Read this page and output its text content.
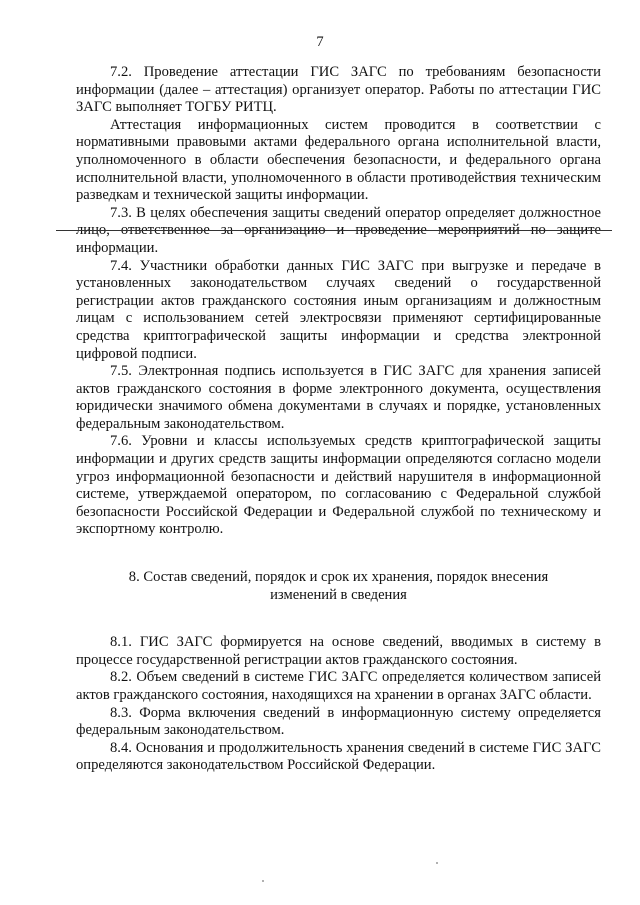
7

7.2. Проведение аттестации ГИС ЗАГС по требованиям безопасности информации (далее – аттестация) организует оператор. Работы по аттестации ГИС ЗАГС выполняет ТОГБУ РИТЦ.

Аттестация информационных систем проводится в соответствии с нормативными правовыми актами федерального органа исполнительной власти, уполномоченного в области обеспечения безопасности, и федерального органа исполнительной власти, уполномоченного в области противодействия техническим разведкам и технической защиты информации.

7.3. В целях обеспечения защиты сведений оператор определяет должностное лицо, ответственное за организацию и проведение мероприятий по защите информации.

7.4. Участники обработки данных ГИС ЗАГС при выгрузке и передаче в установленных законодательством случаях сведений о государственной регистрации актов гражданского состояния иным организациям и должностным лицам с использованием сетей электросвязи применяют сертифицированные средства криптографической защиты информации и средства электронной цифровой подписи.

7.5. Электронная подпись используется в ГИС ЗАГС для хранения записей актов гражданского состояния в форме электронного документа, осуществления юридически значимого обмена документами в случаях и порядке, установленных федеральным законодательством.

7.6. Уровни и классы используемых средств криптографической защиты информации и других средств защиты информации определяются согласно модели угроз информационной безопасности и действий нарушителя в информационной системе, утверждаемой оператором, по согласованию с Федеральной службой безопасности Российской Федерации и Федеральной службой по техническому и экспортному контролю.

8. Состав сведений, порядок и срок их хранения, порядок внесения
изменений в сведения

8.1. ГИС ЗАГС формируется на основе сведений, вводимых в систему в процессе государственной регистрации актов гражданского состояния.

8.2. Объем сведений в системе ГИС ЗАГС определяется количеством записей актов гражданского состояния, находящихся на хранении в органах ЗАГС области.

8.3. Форма включения сведений в информационную систему определяется федеральным законодательством.

8.4. Основания и продолжительность хранения сведений в системе ГИС ЗАГС определяются законодательством Российской Федерации.
